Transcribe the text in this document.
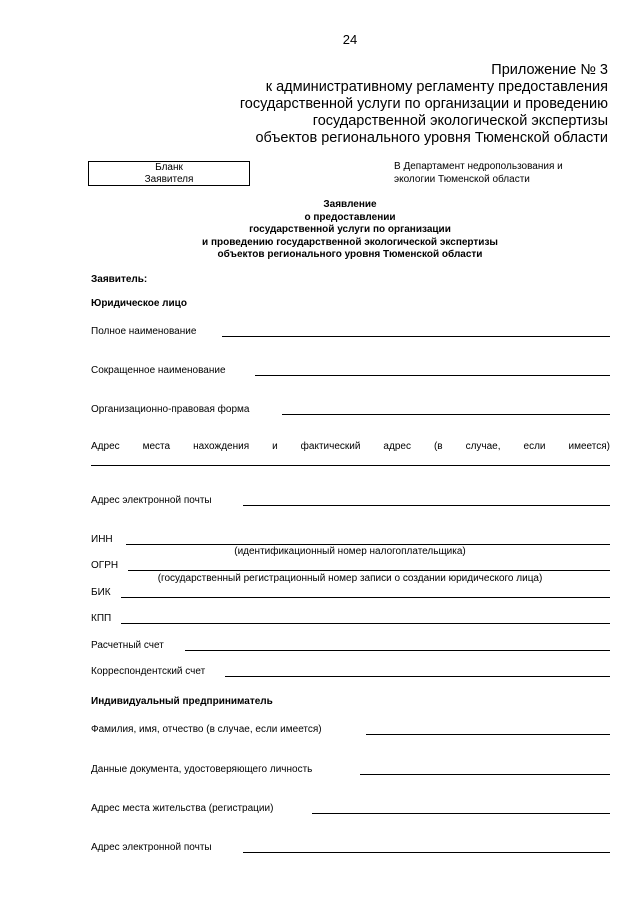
24
Приложение № 3
к административному регламенту предоставления
государственной услуги по организации и проведению
государственной экологической экспертизы
объектов регионального уровня Тюменской области
Бланк
Заявителя
В Департамент недропользования и
экологии Тюменской области
Заявление
о предоставлении
государственной услуги по организации
и проведению государственной экологической экспертизы
объектов регионального уровня Тюменской области
Заявитель:
Юридическое лицо
Полное наименование
Сокращенное наименование
Организационно-правовая форма
Адрес места нахождения и фактический адрес (в случае, если имеется)
Адрес электронной почты
ИНН
(идентификационный номер налогоплательщика)
ОГРН
(государственный регистрационный номер записи о создании юридического лица)
БИК
КПП
Расчетный счет
Корреспондентский счет
Индивидуальный предприниматель
Фамилия, имя, отчество (в случае, если имеется)
Данные документа, удостоверяющего личность
Адрес места жительства (регистрации)
Адрес электронной почты
